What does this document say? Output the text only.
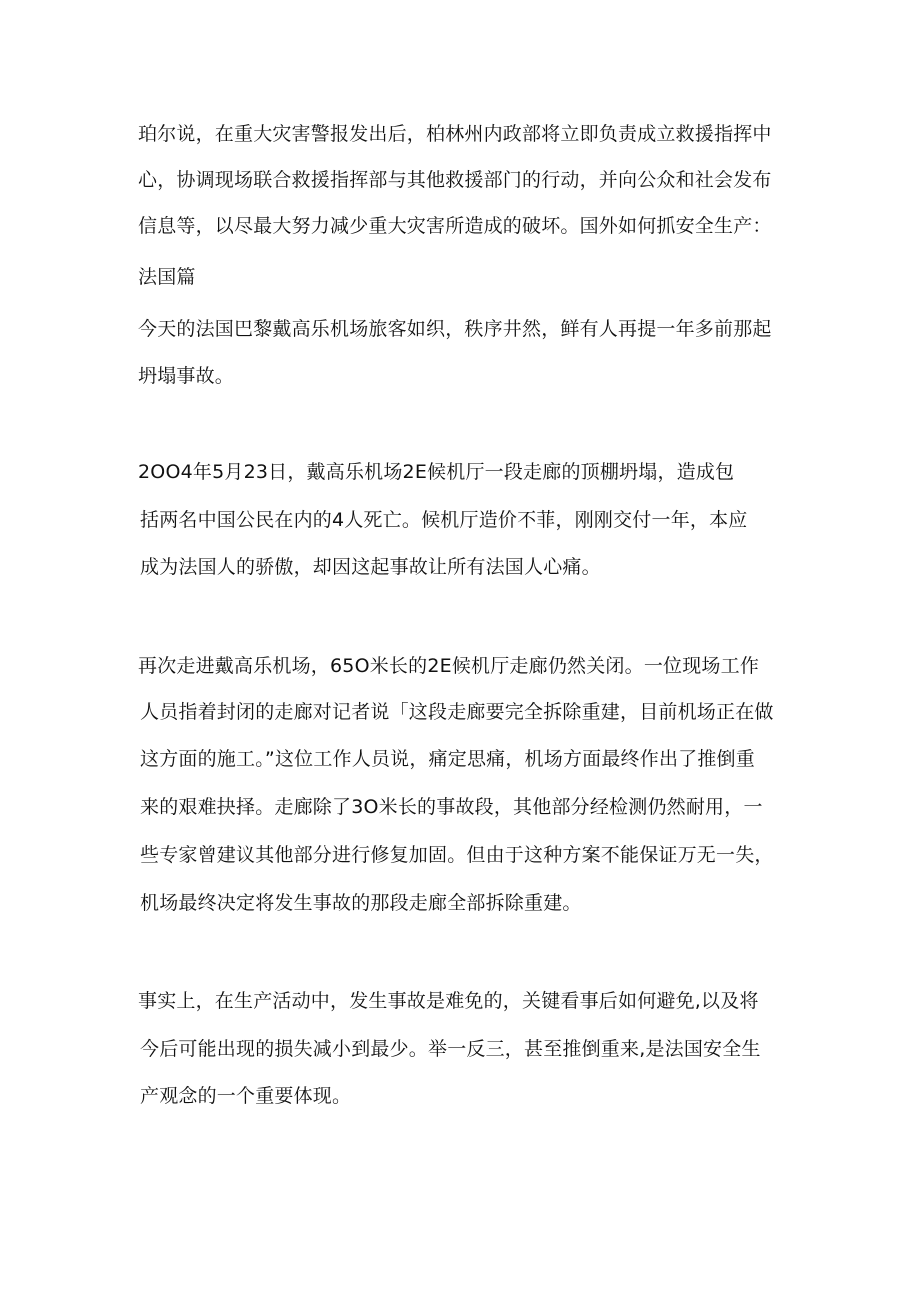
珀尔说，在重大灾害警报发出后，柏林州内政部将立即负责成立救援指挥中
心，协调现场联合救援指挥部与其他救援部门的行动，并向公众和社会发布
信息等，以尽最大努力减少重大灾害所造成的破坏。国外如何抓安全生产：
法国篇
今天的法国巴黎戴高乐机场旅客如织，秩序井然，鲜有人再提一年多前那起
坍塌事故。
2OO4年5月23日，戴高乐机场2E候机厅一段走廊的顶棚坍塌，造成包
括两名中国公民在内的4人死亡。候机厅造价不菲，刚刚交付一年，本应
成为法国人的骄傲，却因这起事故让所有法国人心痛。
再次走进戴高乐机场，65O米长的2E候机厅走廊仍然关闭。一位现场工作
人员指着封闭的走廊对记者说「这段走廊要完全拆除重建，目前机场正在做
这方面的施工。”这位工作人员说，痛定思痛，机场方面最终作出了推倒重
来的艰难抉择。走廊除了3O米长的事故段，其他部分经检测仍然耐用，一
些专家曾建议其他部分进行修复加固。但由于这种方案不能保证万无一失，
机场最终决定将发生事故的那段走廊全部拆除重建。
事实上，在生产活动中，发生事故是难免的，关键看事后如何避免,以及将
今后可能出现的损失减小到最少。举一反三，甚至推倒重来,是法国安全生
产观念的一个重要体现。
